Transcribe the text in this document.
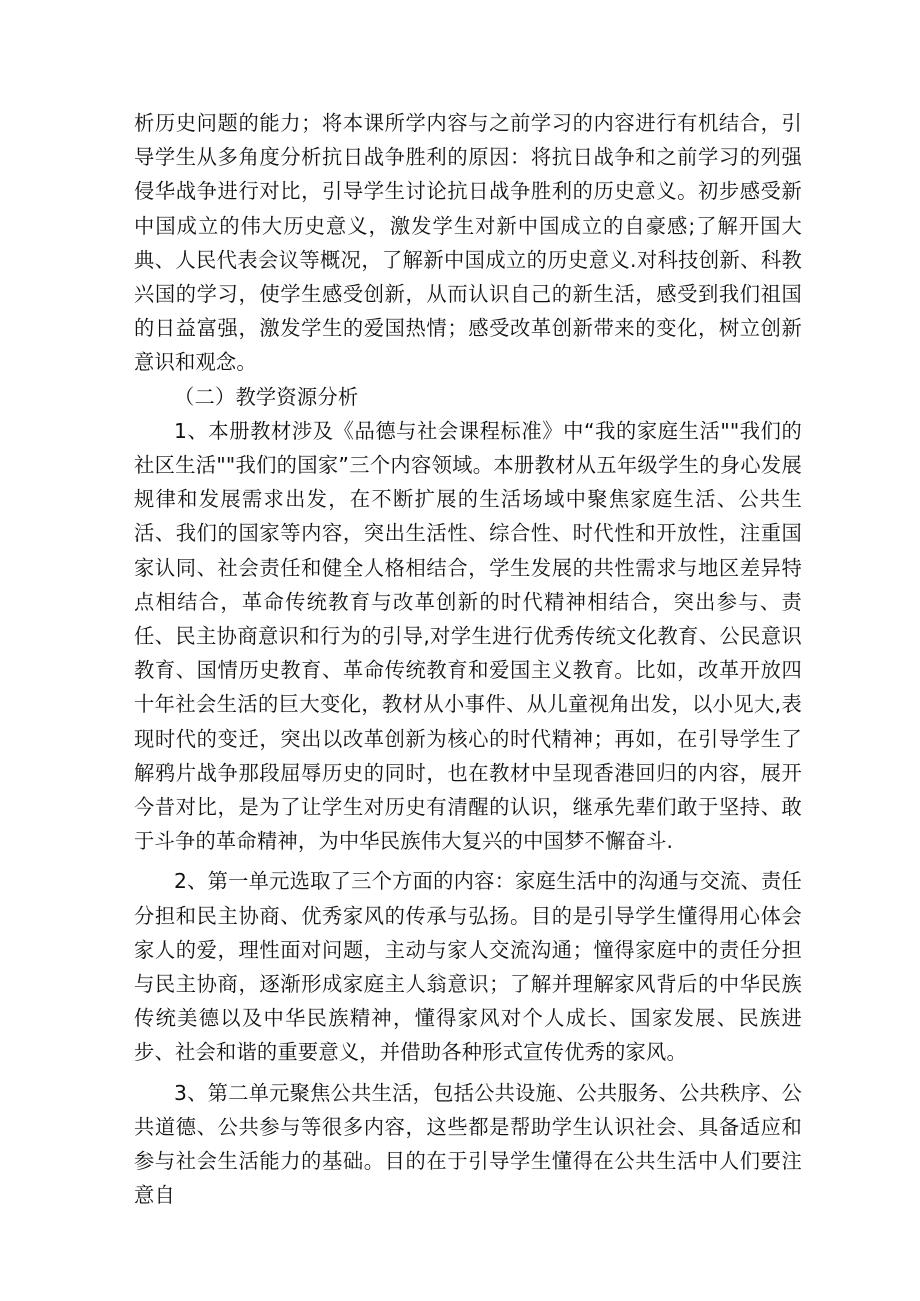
析历史问题的能力；将本课所学内容与之前学习的内容进行有机结合，引导学生从多角度分析抗日战争胜利的原因：将抗日战争和之前学习的列强侵华战争进行对比，引导学生讨论抗日战争胜利的历史意义。初步感受新中国成立的伟大历史意义，激发学生对新中国成立的自豪感;了解开国大典、人民代表会议等概况，了解新中国成立的历史意义.对科技创新、科教兴国的学习，使学生感受创新，从而认识自己的新生活，感受到我们祖国的日益富强，激发学生的爱国热情；感受改革创新带来的变化，树立创新意识和观念。

（二）教学资源分析

1、本册教材涉及《品德与社会课程标准》中“我的家庭生活""我们的社区生活""我们的国家”三个内容领域。本册教材从五年级学生的身心发展规律和发展需求出发，在不断扩展的生活场域中聚焦家庭生活、公共生活、我们的国家等内容，突出生活性、综合性、时代性和开放性，注重国家认同、社会责任和健全人格相结合，学生发展的共性需求与地区差异特点相结合，革命传统教育与改革创新的时代精神相结合，突出参与、责任、民主协商意识和行为的引导,对学生进行优秀传统文化教育、公民意识教育、国情历史教育、革命传统教育和爱国主义教育。比如，改革开放四十年社会生活的巨大变化，教材从小事件、从儿童视角出发，以小见大,表现时代的变迁，突出以改革创新为核心的时代精神；再如，在引导学生了解鸦片战争那段屈辱历史的同时，也在教材中呈现香港回归的内容，展开今昔对比，是为了让学生对历史有清醒的认识，继承先辈们敢于坚持、敢于斗争的革命精神，为中华民族伟大复兴的中国梦不懈奋斗.

2、第一单元选取了三个方面的内容：家庭生活中的沟通与交流、责任分担和民主协商、优秀家风的传承与弘扬。目的是引导学生懂得用心体会家人的爱，理性面对问题，主动与家人交流沟通；憧得家庭中的责任分担与民主协商，逐渐形成家庭主人翁意识；了解并理解家风背后的中华民族传统美德以及中华民族精神，懂得家风对个人成长、国家发展、民族进步、社会和谐的重要意义，并借助各种形式宣传优秀的家风。

3、第二单元聚焦公共生活，包括公共设施、公共服务、公共秩序、公共道德、公共参与等很多内容，这些都是帮助学生认识社会、具备适应和参与社会生活能力的基础。目的在于引导学生懂得在公共生活中人们要注意自
